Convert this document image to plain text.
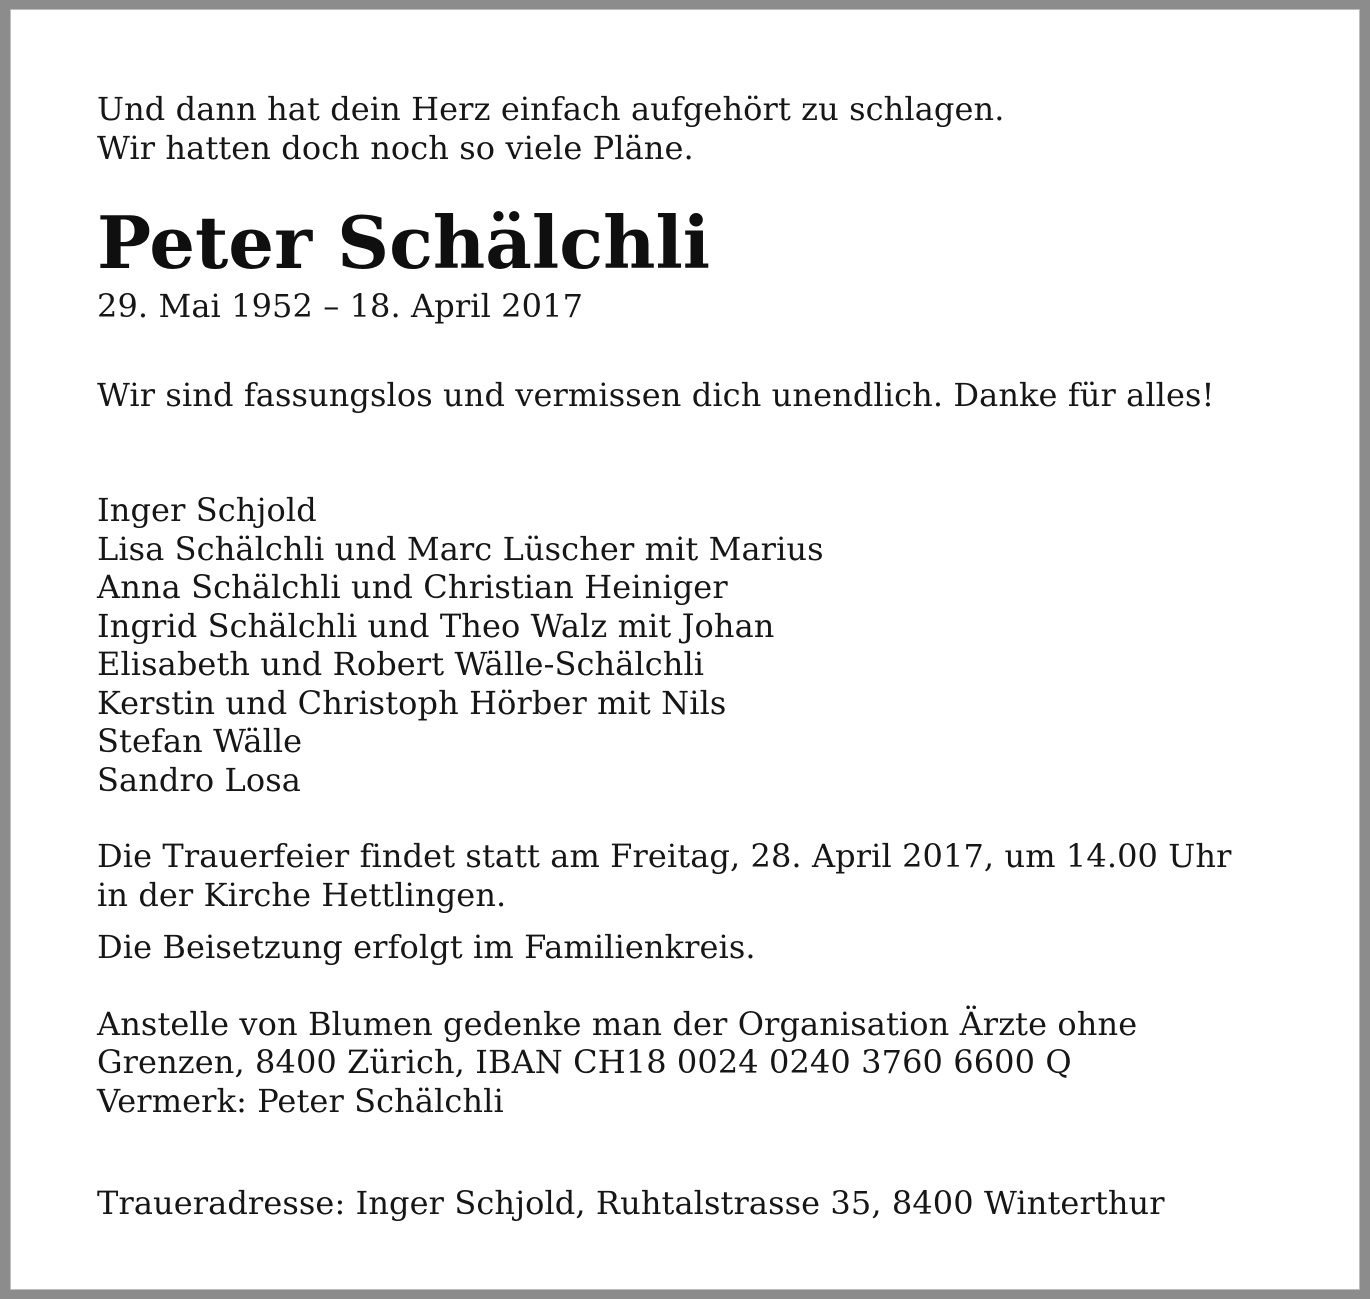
Und dann hat dein Herz einfach aufgehört zu schlagen.
Wir hatten doch noch so viele Pläne.
Peter Schälchli
29. Mai 1952 – 18. April 2017
Wir sind fassungslos und vermissen dich unendlich. Danke für alles!
Inger Schjold
Lisa Schälchli und Marc Lüscher mit Marius
Anna Schälchli und Christian Heiniger
Ingrid Schälchli und Theo Walz mit Johan
Elisabeth und Robert Wälle-Schälchli
Kerstin und Christoph Hörber mit Nils
Stefan Wälle
Sandro Losa
Die Trauerfeier findet statt am Freitag, 28. April 2017, um 14.00 Uhr
in der Kirche Hettlingen.
Die Beisetzung erfolgt im Familienkreis.
Anstelle von Blumen gedenke man der Organisation Ärzte ohne
Grenzen, 8400 Zürich, IBAN CH18 0024 0240 3760 6600 Q
Vermerk: Peter Schälchli
Traueradresse: Inger Schjold, Ruhtalstrasse 35, 8400 Winterthur
